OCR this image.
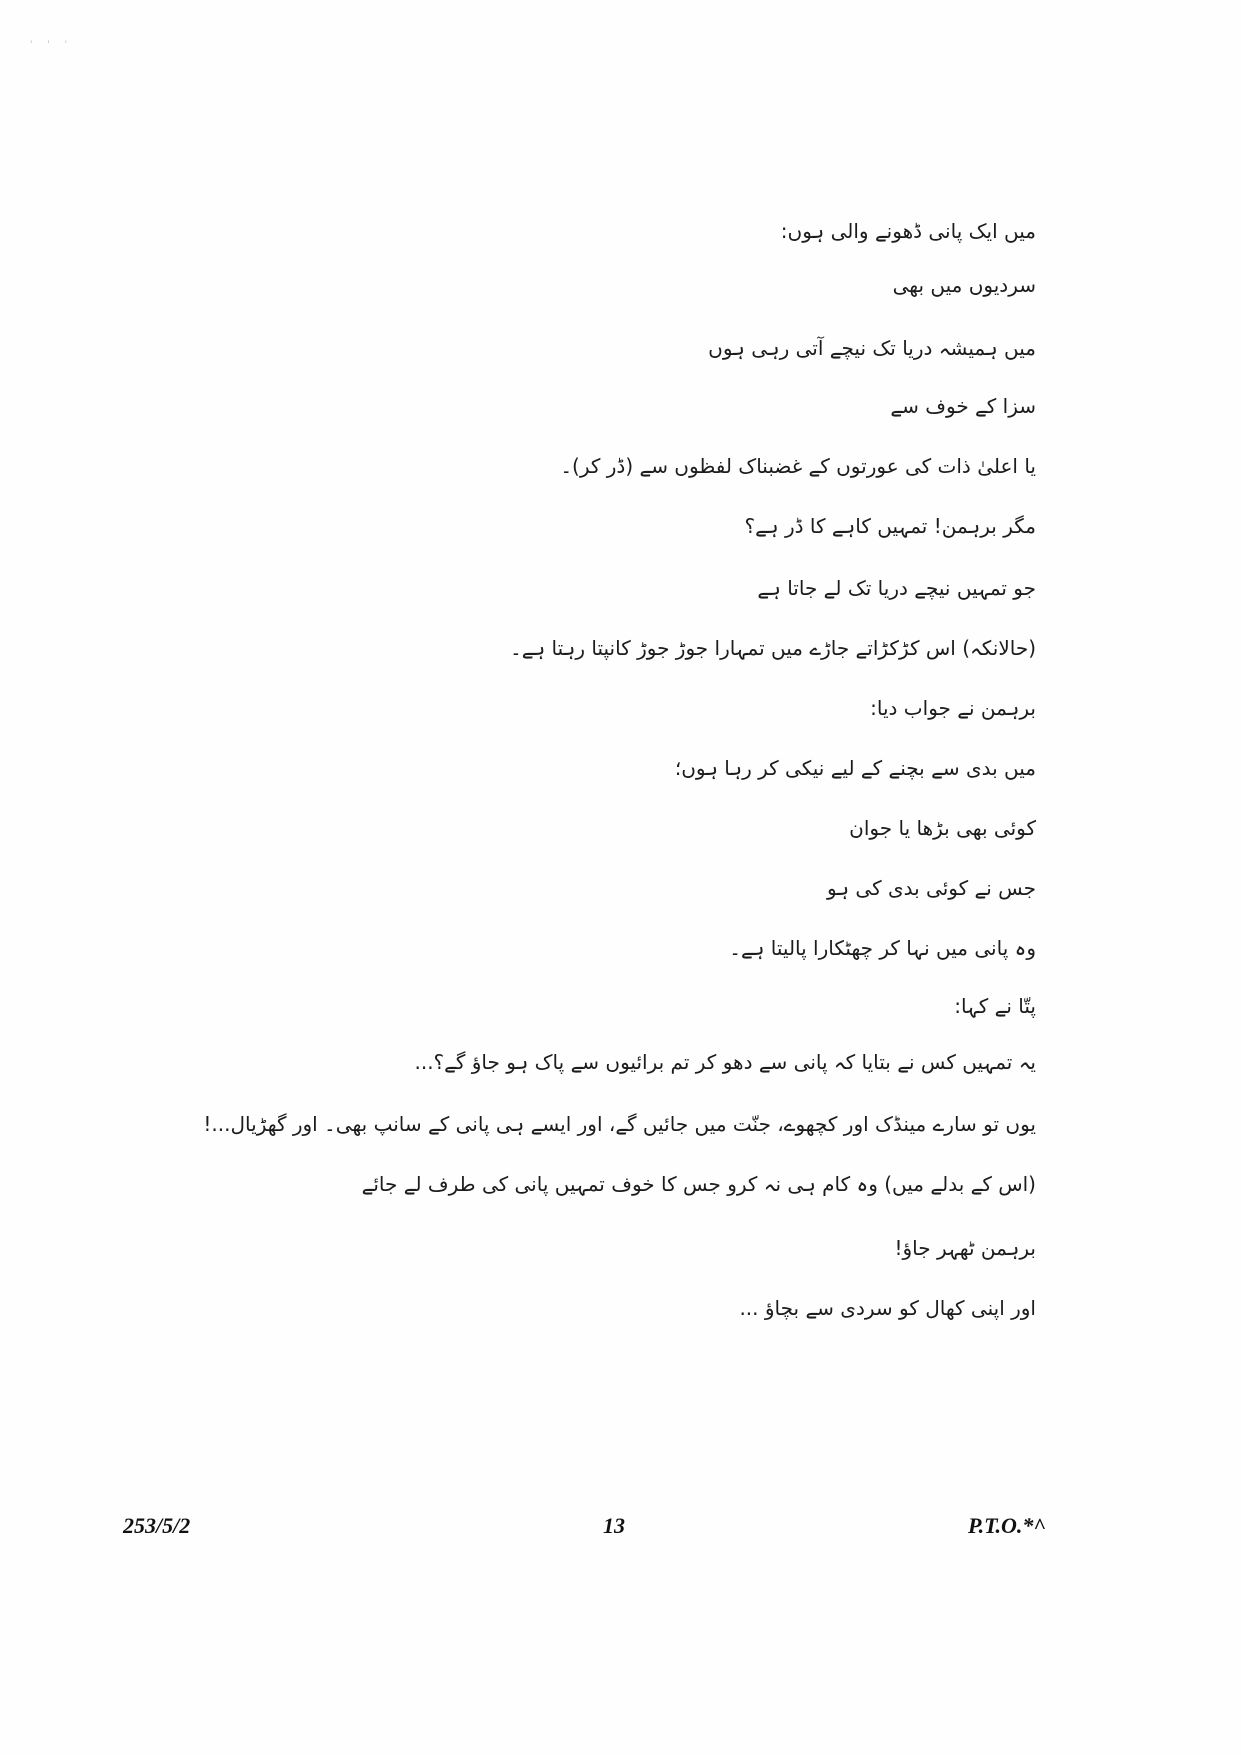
' ' '
میں ایک پانی ڈھونے والی ہوں:
سردیوں میں بھی
میں ہمیشہ دریا تک نیچے آتی رہی ہوں
سزا کے خوف سے
یا اعلیٰ ذات کی عورتوں کے غضبناک لفظوں سے (ڈر کر)۔
مگر برہمن! تمہیں کاہے کا ڈر ہے؟
جو تمہیں نیچے دریا تک لے جاتا ہے
(حالانکہ) اس کڑکڑاتے جاڑے میں تمہارا جوڑ جوڑ کانپتا رہتا ہے۔
برہمن نے جواب دیا:
میں بدی سے بچنے کے لیے نیکی کر رہا ہوں؛
کوئی بھی بڑھا یا جوان
جس نے کوئی بدی کی ہو
وہ پانی میں نہا کر چھٹکارا پالیتا ہے۔
پتّا نے کہا:
یہ تمہیں کس نے بتایا کہ پانی سے دھو کر تم برائیوں سے پاک ہو جاؤ گے؟...
یوں تو سارے مینڈک اور کچھوے، جنّت میں جائیں گے، اور ایسے ہی پانی کے سانپ بھی۔ اور گھڑیال...!
(اس کے بدلے میں) وہ کام ہی نہ کرو جس کا خوف تمہیں پانی کی طرف لے جائے
برہمن ٹھہر جاؤ!
اور اپنی کھال کو سردی سے بچاؤ ...
253/5/2	13	P.T.O.*^
